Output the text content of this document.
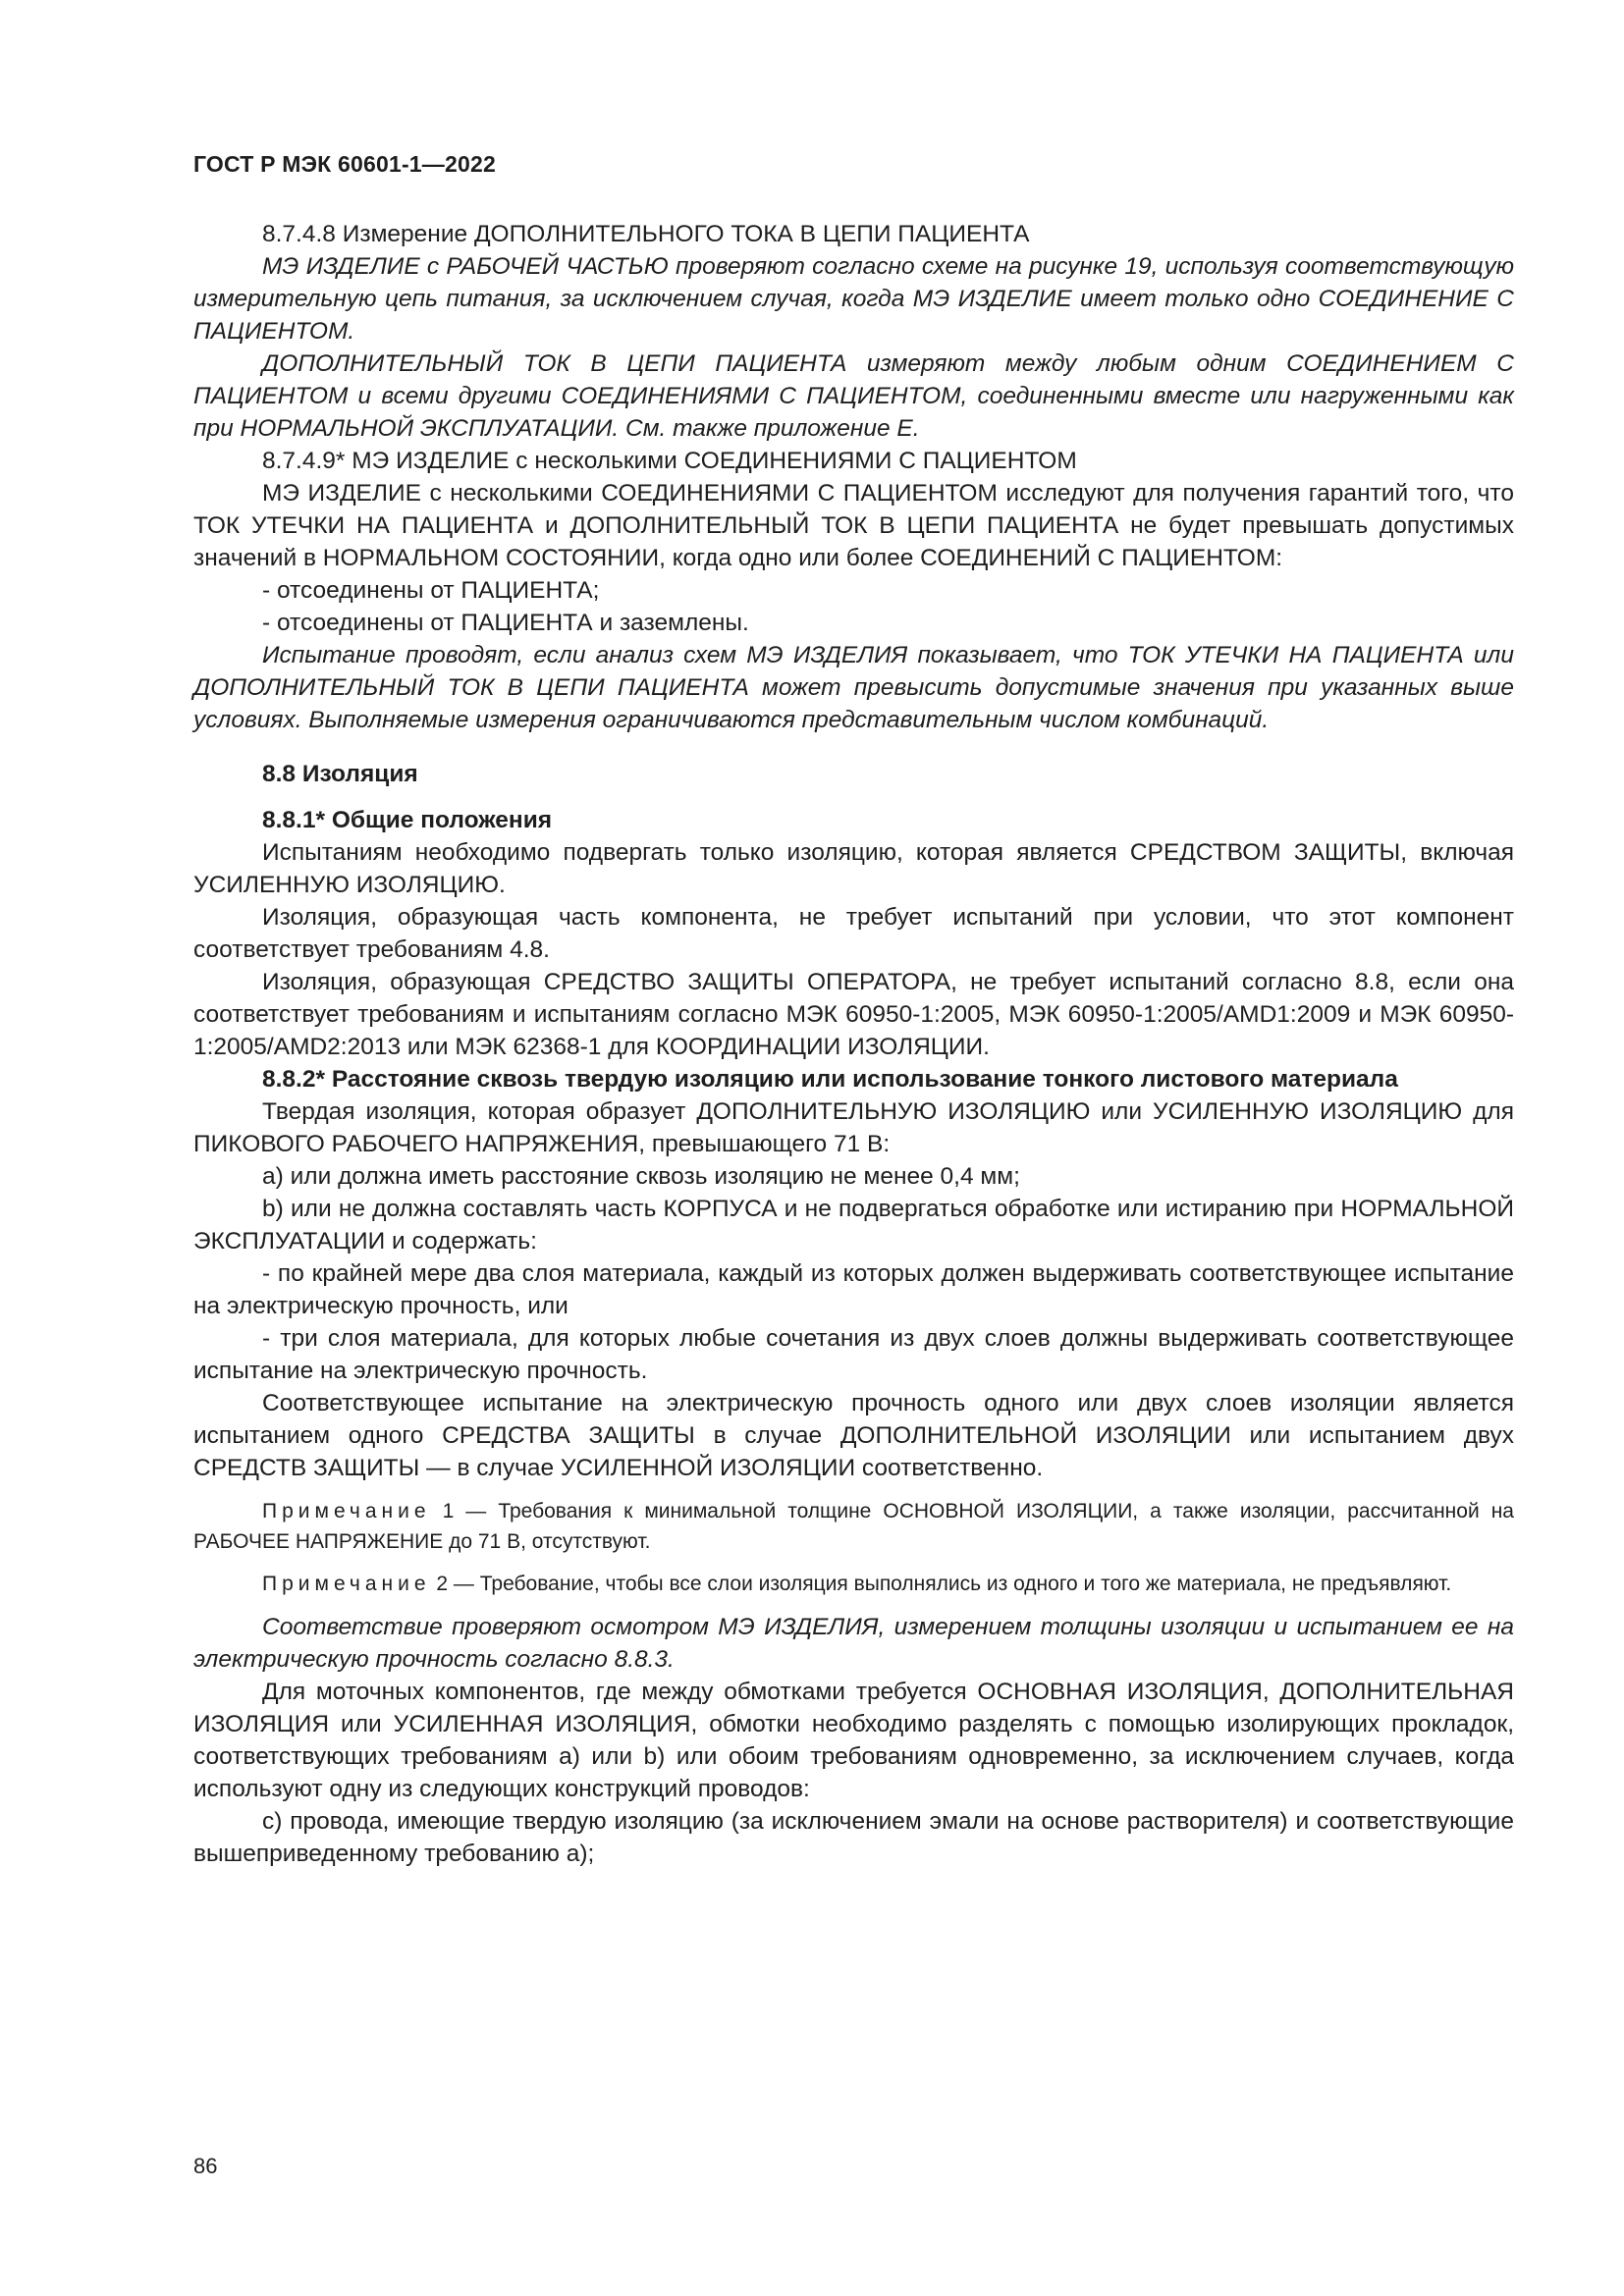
ГОСТ Р МЭК 60601-1—2022

8.7.4.8 Измерение ДОПОЛНИТЕЛЬНОГО ТОКА В ЦЕПИ ПАЦИЕНТА

МЭ ИЗДЕЛИЕ с РАБОЧЕЙ ЧАСТЬЮ проверяют согласно схеме на рисунке 19, используя соответствующую измерительную цепь питания, за исключением случая, когда МЭ ИЗДЕЛИЕ имеет только одно СОЕДИНЕНИЕ С ПАЦИЕНТОМ.

ДОПОЛНИТЕЛЬНЫЙ ТОК В ЦЕПИ ПАЦИЕНТА измеряют между любым одним СОЕДИНЕНИЕМ С ПАЦИЕНТОМ и всеми другими СОЕДИНЕНИЯМИ С ПАЦИЕНТОМ, соединенными вместе или нагруженными как при НОРМАЛЬНОЙ ЭКСПЛУАТАЦИИ. См. также приложение Е.

8.7.4.9* МЭ ИЗДЕЛИЕ с несколькими СОЕДИНЕНИЯМИ С ПАЦИЕНТОМ

МЭ ИЗДЕЛИЕ с несколькими СОЕДИНЕНИЯМИ С ПАЦИЕНТОМ исследуют для получения гарантий того, что ТОК УТЕЧКИ НА ПАЦИЕНТА и ДОПОЛНИТЕЛЬНЫЙ ТОК В ЦЕПИ ПАЦИЕНТА не будет превышать допустимых значений в НОРМАЛЬНОМ СОСТОЯНИИ, когда одно или более СОЕДИНЕНИЙ С ПАЦИЕНТОМ:

- отсоединены от ПАЦИЕНТА;

- отсоединены от ПАЦИЕНТА и заземлены.

Испытание проводят, если анализ схем МЭ ИЗДЕЛИЯ показывает, что ТОК УТЕЧКИ НА ПАЦИЕНТА или ДОПОЛНИТЕЛЬНЫЙ ТОК В ЦЕПИ ПАЦИЕНТА может превысить допустимые значения при указанных выше условиях. Выполняемые измерения ограничиваются представительным числом комбинаций.

8.8 Изоляция

8.8.1* Общие положения

Испытаниям необходимо подвергать только изоляцию, которая является СРЕДСТВОМ ЗАЩИТЫ, включая УСИЛЕННУЮ ИЗОЛЯЦИЮ.

Изоляция, образующая часть компонента, не требует испытаний при условии, что этот компонент соответствует требованиям 4.8.

Изоляция, образующая СРЕДСТВО ЗАЩИТЫ ОПЕРАТОРА, не требует испытаний согласно 8.8, если она соответствует требованиям и испытаниям согласно МЭК 60950-1:2005, МЭК 60950-1:2005/AMD1:2009 и МЭК 60950-1:2005/AMD2:2013 или МЭК 62368-1 для КООРДИНАЦИИ ИЗОЛЯЦИИ.

8.8.2* Расстояние сквозь твердую изоляцию или использование тонкого листового материала

Твердая изоляция, которая образует ДОПОЛНИТЕЛЬНУЮ ИЗОЛЯЦИЮ или УСИЛЕННУЮ ИЗОЛЯЦИЮ для ПИКОВОГО РАБОЧЕГО НАПРЯЖЕНИЯ, превышающего 71 В:

a) или должна иметь расстояние сквозь изоляцию не менее 0,4 мм;

b) или не должна составлять часть КОРПУСА и не подвергаться обработке или истиранию при НОРМАЛЬНОЙ ЭКСПЛУАТАЦИИ и содержать:

- по крайней мере два слоя материала, каждый из которых должен выдерживать соответствующее испытание на электрическую прочность, или

- три слоя материала, для которых любые сочетания из двух слоев должны выдерживать соответствующее испытание на электрическую прочность.

Соответствующее испытание на электрическую прочность одного или двух слоев изоляции является испытанием одного СРЕДСТВА ЗАЩИТЫ в случае ДОПОЛНИТЕЛЬНОЙ ИЗОЛЯЦИИ или испытанием двух СРЕДСТВ ЗАЩИТЫ — в случае УСИЛЕННОЙ ИЗОЛЯЦИИ соответственно.

Примечание 1 — Требования к минимальной толщине ОСНОВНОЙ ИЗОЛЯЦИИ, а также изоляции, рассчитанной на РАБОЧЕЕ НАПРЯЖЕНИЕ до 71 В, отсутствуют.

Примечание 2 — Требование, чтобы все слои изоляция выполнялись из одного и того же материала, не предъявляют.

Соответствие проверяют осмотром МЭ ИЗДЕЛИЯ, измерением толщины изоляции и испытанием ее на электрическую прочность согласно 8.8.3.

Для моточных компонентов, где между обмотками требуется ОСНОВНАЯ ИЗОЛЯЦИЯ, ДОПОЛНИТЕЛЬНАЯ ИЗОЛЯЦИЯ или УСИЛЕННАЯ ИЗОЛЯЦИЯ, обмотки необходимо разделять с помощью изолирующих прокладок, соответствующих требованиям а) или b) или обоим требованиям одновременно, за исключением случаев, когда используют одну из следующих конструкций проводов:

c) провода, имеющие твердую изоляцию (за исключением эмали на основе растворителя) и соответствующие вышеприведенному требованию а);

86
